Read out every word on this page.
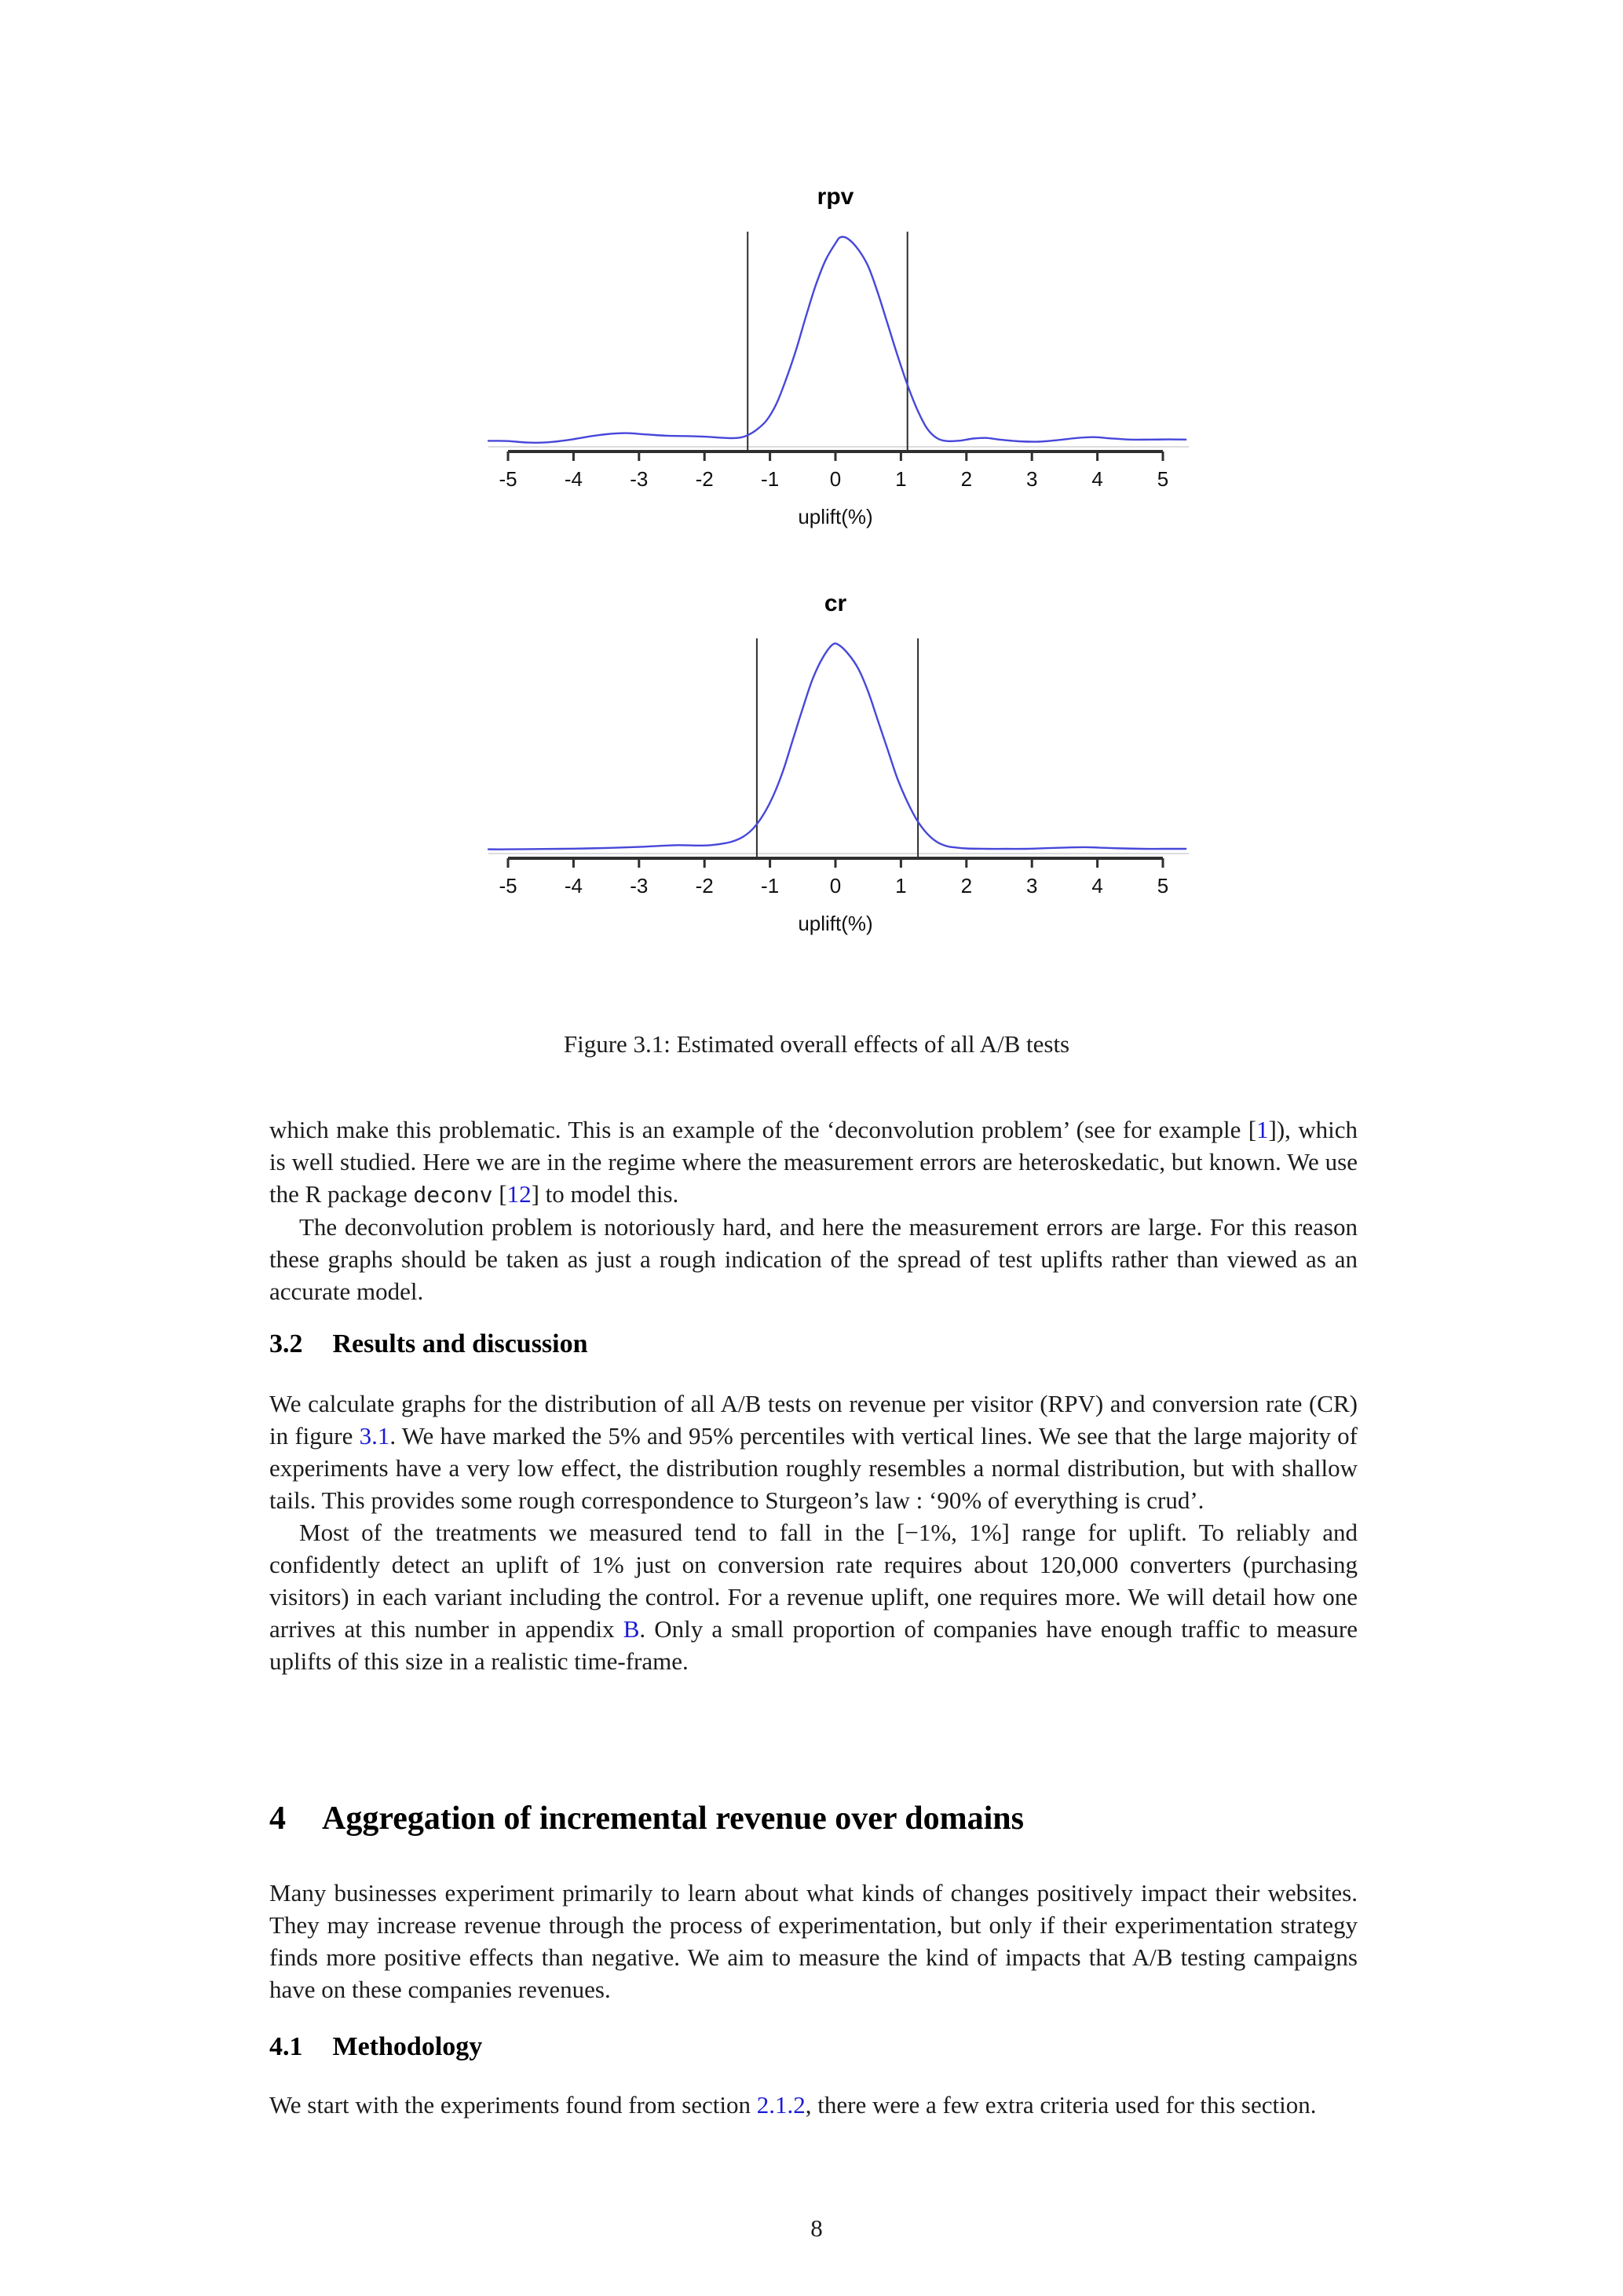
-5 -4 -3 -2 -1 0	1	2	3	4	5
rpv
uplift(%)
-5 -4 -3 -2 -1 0	1	2	3	4	5
cr
uplift(%)
Figure 3.1: Estimated overall effects of all A/B tests

which make this problematic. This is an example of the ‘deconvolution problem’ (see for example [1]), which is well studied. Here we are in the regime where the measurement errors are heteroskedatic, but known. We use the R package deconv [12] to model this.

The deconvolution problem is notoriously hard, and here the measurement errors are large. For this reason these graphs should be taken as just a rough indication of the spread of test uplifts rather than viewed as an accurate model.

3.2 Results and discussion

We calculate graphs for the distribution of all A/B tests on revenue per visitor (RPV) and conversion rate (CR) in figure 3.1. We have marked the 5% and 95% percentiles with vertical lines. We see that the large majority of experiments have a very low effect, the distribution roughly resembles a normal distribution, but with shallow tails. This provides some rough correspondence to Sturgeon’s law : ‘90% of everything is crud’.

Most of the treatments we measured tend to fall in the [−1%, 1%] range for uplift. To reliably and confidently detect an uplift of 1% just on conversion rate requires about 120,000 converters (purchasing visitors) in each variant including the control. For a revenue uplift, one requires more. We will detail how one arrives at this number in appendix B. Only a small proportion of companies have enough traffic to measure uplifts of this size in a realistic time-frame.

4 Aggregation of incremental revenue over domains

Many businesses experiment primarily to learn about what kinds of changes positively impact their websites. They may increase revenue through the process of experimentation, but only if their experimentation strategy finds more positive effects than negative. We aim to measure the kind of impacts that A/B testing campaigns have on these companies revenues.

4.1 Methodology

We start with the experiments found from section 2.1.2, there were a few extra criteria used for this section.

8
